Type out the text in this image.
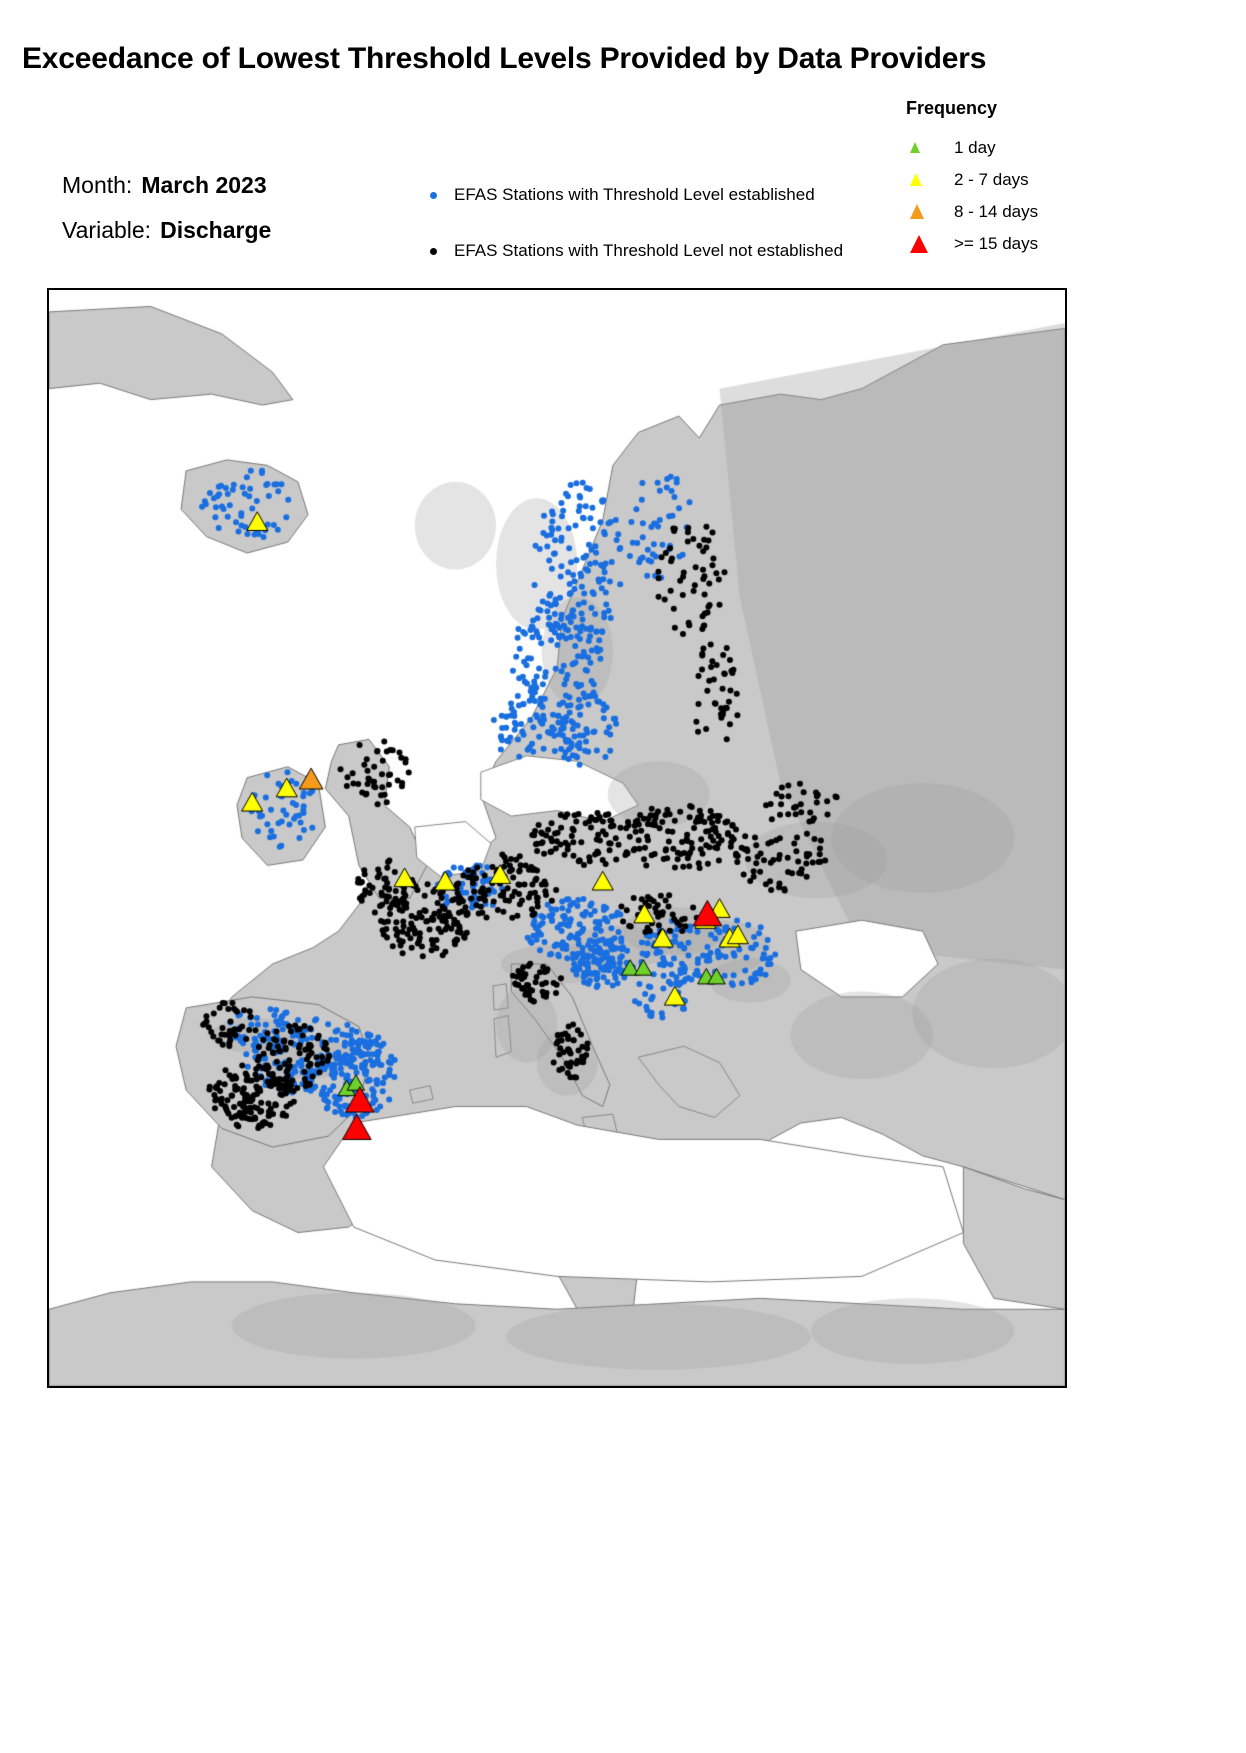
Exceedance of Lowest Threshold Levels Provided by Data Providers
Month: March 2023
Variable: Discharge
EFAS Stations with Threshold Level established
EFAS Stations with Threshold Level not established
Frequency
1 day
2 - 7 days
8 - 14 days
>= 15 days
